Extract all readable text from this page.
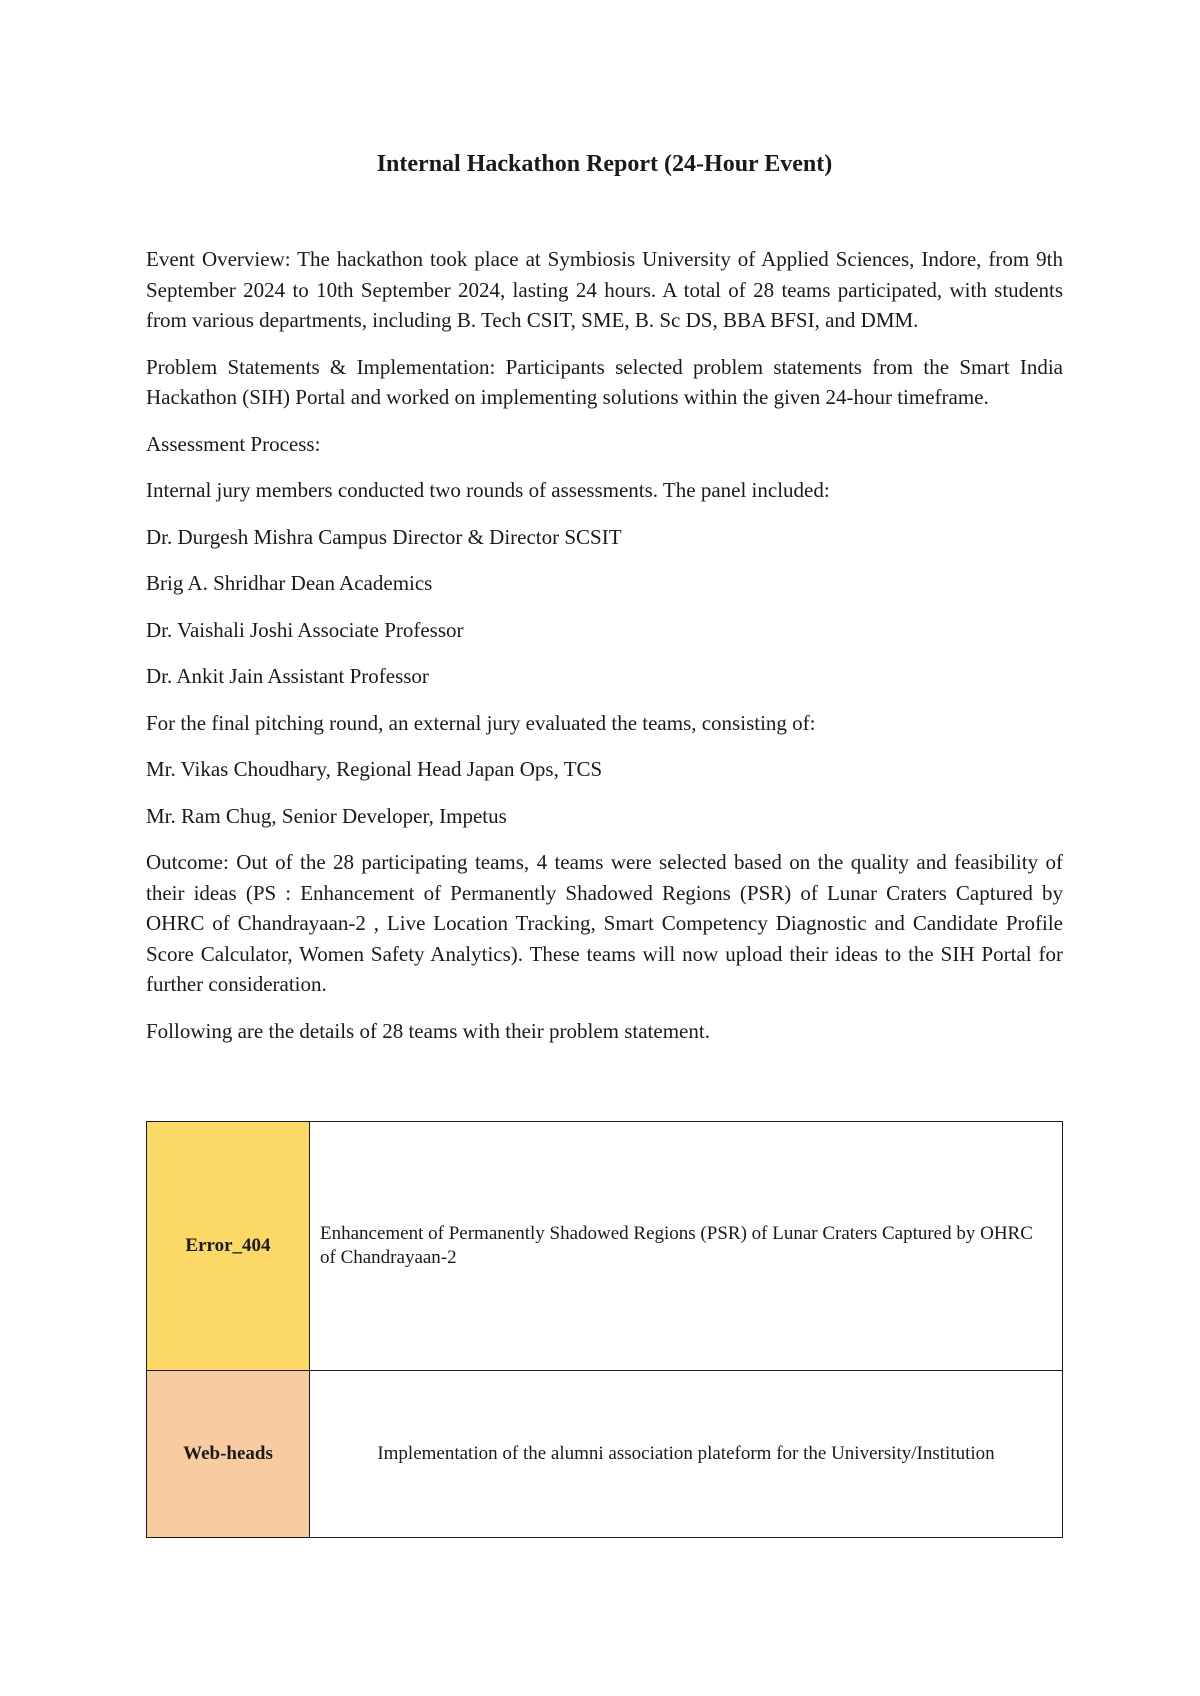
Internal Hackathon Report (24-Hour Event)

Event Overview: The hackathon took place at Symbiosis University of Applied Sciences, Indore, from 9th September 2024 to 10th September 2024, lasting 24 hours. A total of 28 teams participated, with students from various departments, including B. Tech CSIT, SME, B. Sc DS, BBA BFSI, and DMM.

Problem Statements & Implementation: Participants selected problem statements from the Smart India Hackathon (SIH) Portal and worked on implementing solutions within the given 24-hour timeframe.

Assessment Process:

Internal jury members conducted two rounds of assessments. The panel included:

Dr. Durgesh Mishra Campus Director & Director SCSIT

Brig A. Shridhar Dean Academics

Dr. Vaishali Joshi Associate Professor

Dr. Ankit Jain Assistant Professor

For the final pitching round, an external jury evaluated the teams, consisting of:

Mr. Vikas Choudhary, Regional Head Japan Ops, TCS

Mr. Ram Chug, Senior Developer, Impetus

Outcome: Out of the 28 participating teams, 4 teams were selected based on the quality and feasibility of their ideas (PS : Enhancement of Permanently Shadowed Regions (PSR) of Lunar Craters Captured by OHRC of Chandrayaan-2 , Live Location Tracking, Smart Competency Diagnostic and Candidate Profile Score Calculator, Women Safety Analytics). These teams will now upload their ideas to the SIH Portal for further consideration.

Following are the details of 28 teams with their problem statement.

Error_404	Enhancement of Permanently Shadowed Regions (PSR) of Lunar Craters Captured by OHRC of Chandrayaan-2
Web-heads	Implementation of the alumni association plateform for the University/Institution
